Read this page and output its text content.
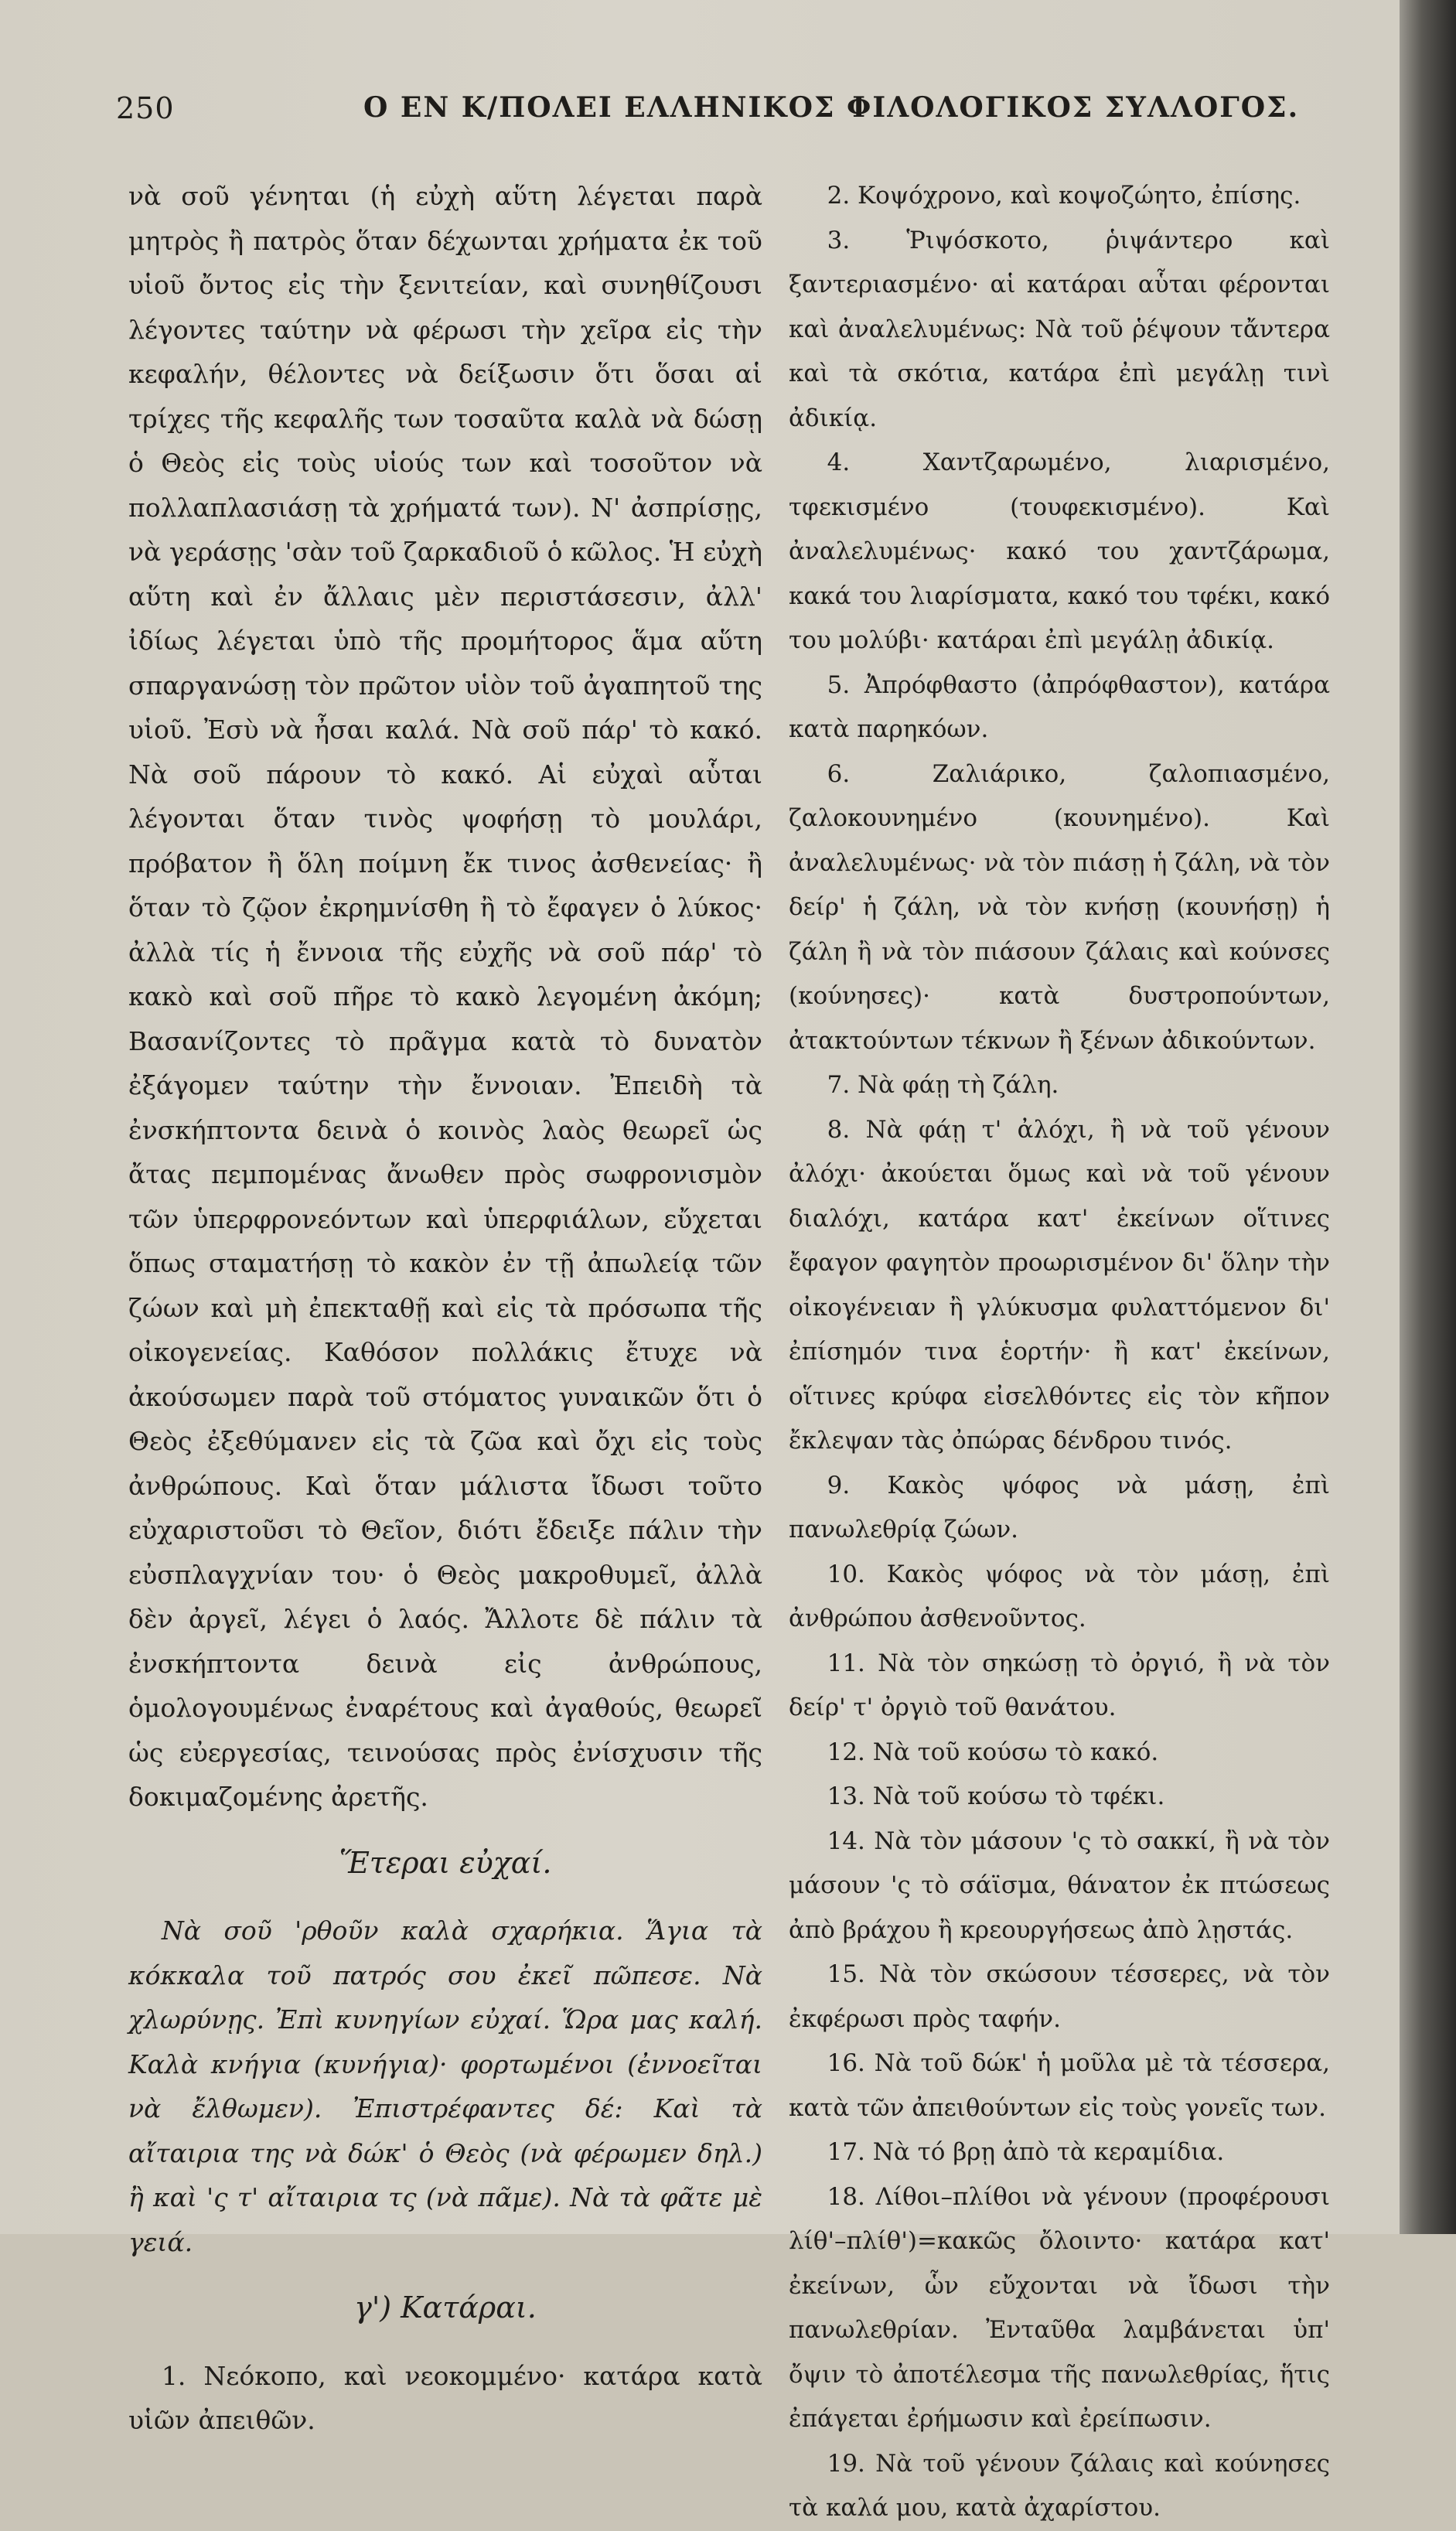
250	Ο ΕΝ Κ/ΠΟΛΕΙ ΕΛΛΗΝΙΚΟΣ ΦΙΛΟΛΟΓΙΚΟΣ ΣΥΛΛΟΓΟΣ.

νὰ σοῦ γένηται (ἡ εὐχὴ αὕτη λέγεται παρὰ μητρὸς ἢ πατρὸς ὅταν δέχωνται χρήματα ἐκ τοῦ υἱοῦ ὄντος εἰς τὴν ξενιτείαν, καὶ συνηθίζουσι λέγοντες ταύτην νὰ φέρωσι τὴν χεῖρα εἰς τὴν κεφαλήν, θέλοντες νὰ δείξωσιν ὅτι ὅσαι αἱ τρίχες τῆς κεφαλῆς των τοσαῦτα καλὰ νὰ δώσῃ ὁ Θεὸς εἰς τοὺς υἱούς των καὶ τοσοῦτον νὰ πολλαπλασιάσῃ τὰ χρήματά των). Ν' ἀσπρίσῃς, νὰ γεράσῃς 'σὰν τοῦ ζαρκαδιοῦ ὁ κῶλος. Ἡ εὐχὴ αὕτη καὶ ἐν ἄλλαις μὲν περιστάσεσιν, ἀλλ' ἰδίως λέγεται ὑπὸ τῆς προμήτορος ἅμα αὕτη σπαργανώσῃ τὸν πρῶτον υἱὸν τοῦ ἀγαπητοῦ της υἱοῦ. Ἐσὺ νὰ ἦσαι καλά. Νὰ σοῦ πάρ' τὸ κακό. Νὰ σοῦ πάρουν τὸ κακό. Αἱ εὐχαὶ αὗται λέγονται ὅταν τινὸς ψοφήσῃ τὸ μουλάρι, πρόβατον ἢ ὅλη ποίμνη ἔκ τινος ἀσθενείας· ἢ ὅταν τὸ ζῷον ἐκρημνίσθη ἢ τὸ ἔφαγεν ὁ λύκος· ἀλλὰ τίς ἡ ἔννοια τῆς εὐχῆς νὰ σοῦ πάρ' τὸ κακὸ καὶ σοῦ πῆρε τὸ κακὸ λεγομένη ἀκόμη; Βασανίζοντες τὸ πρᾶγμα κατὰ τὸ δυνατὸν ἐξάγομεν ταύτην τὴν ἔννοιαν. Ἐπειδὴ τὰ ἐνσκήπτοντα δεινὰ ὁ κοινὸς λαὸς θεωρεῖ ὡς ἄτας πεμπομένας ἄνωθεν πρὸς σωφρονισμὸν τῶν ὑπερφρονεόντων καὶ ὑπερφιάλων, εὔχεται ὅπως σταματήσῃ τὸ κακὸν ἐν τῇ ἀπωλείᾳ τῶν ζώων καὶ μὴ ἐπεκταθῇ καὶ εἰς τὰ πρόσωπα τῆς οἰκογενείας. Καθόσον πολλάκις ἔτυχε νὰ ἀκούσωμεν παρὰ τοῦ στόματος γυναικῶν ὅτι ὁ Θεὸς ἐξεθύμανεν εἰς τὰ ζῶα καὶ ὄχι εἰς τοὺς ἀνθρώπους. Καὶ ὅταν μάλιστα ἴδωσι τοῦτο εὐχαριστοῦσι τὸ Θεῖον, διότι ἔδειξε πάλιν τὴν εὐσπλαγχνίαν του· ὁ Θεὸς μακροθυμεῖ, ἀλλὰ δὲν ἀργεῖ, λέγει ὁ λαός. Ἄλλοτε δὲ πάλιν τὰ ἐνσκήπτοντα δεινὰ εἰς ἀνθρώπους, ὁμολογουμένως ἐναρέτους καὶ ἀγαθούς, θεωρεῖ ὡς εὐεργεσίας, τεινούσας πρὸς ἐνίσχυσιν τῆς δοκιμαζομένης ἀρετῆς.

Ἕτεραι εὐχαί.

Νὰ σοῦ 'ρθοῦν καλὰ σχαρήκια. Ἅγια τὰ κόκκαλα τοῦ πατρός σου ἐκεῖ πῶπεσε. Νὰ χλωρύνῃς. Ἐπὶ κυνηγίων εὐχαί. Ὥρα μας καλή. Καλὰ κνήγια (κυνήγια)· φορτωμένοι (ἐννοεῖται νὰ ἔλθωμεν). Ἐπιστρέφαντες δέ: Καὶ τὰ αἴταιρια της νὰ δώκ' ὁ Θεὸς (νὰ φέρωμεν δηλ.) ἢ καὶ 'ς τ' αἴταιρια τς (νὰ πᾶμε). Νὰ τὰ φᾶτε μὲ γειά.

γ') Κατάραι.

1. Νεόκοπο, καὶ νεοκομμένο· κατάρα κατὰ υἱῶν ἀπειθῶν.

2. Κοψόχρονο, καὶ κοψοζώητο, ἐπίσης.

3. Ῥιψόσκοτο, ῥιψάντερο καὶ ξαντεριασμένο· αἱ κατάραι αὗται φέρονται καὶ ἀναλελυμένως: Νὰ τοῦ ῥέψουν τἄντερα καὶ τὰ σκότια, κατάρα ἐπὶ μεγάλῃ τινὶ ἀδικίᾳ.

4. Χαντζαρωμένο, λιαρισμένο, τφεκισμένο (τουφεκισμένο). Καὶ ἀναλελυμένως· κακό του χαντζάρωμα, κακά του λιαρίσματα, κακό του τφέκι, κακό του μολύβι· κατάραι ἐπὶ μεγάλῃ ἀδικίᾳ.

5. Ἀπρόφθαστο (ἀπρόφθαστον), κατάρα κατὰ παρηκόων.

6. Ζαλιάρικο, ζαλοπιασμένο, ζαλοκουνημένο (κουνημένο). Καὶ ἀναλελυμένως· νὰ τὸν πιάσῃ ἡ ζάλη, νὰ τὸν δείρ' ἡ ζάλη, νὰ τὸν κνήσῃ (κουνήσῃ) ἡ ζάλη ἢ νὰ τὸν πιάσουν ζάλαις καὶ κούνσες (κούνησες)· κατὰ δυστροπούντων, ἀτακτούντων τέκνων ἢ ξένων ἀδικούντων.

7. Νὰ φάῃ τὴ ζάλη.

8. Νὰ φάῃ τ' ἀλόχι, ἢ νὰ τοῦ γένουν ἀλόχι· ἀκούεται ὅμως καὶ νὰ τοῦ γένουν διαλόχι, κατάρα κατ' ἐκείνων οἵτινες ἔφαγον φαγητὸν προωρισμένον δι' ὅλην τὴν οἰκογένειαν ἢ γλύκυσμα φυλαττόμενον δι' ἐπίσημόν τινα ἑορτήν· ἢ κατ' ἐκείνων, οἵτινες κρύφα εἰσελθόντες εἰς τὸν κῆπον ἔκλεψαν τὰς ὀπώρας δένδρου τινός.

9. Κακὸς ψόφος νὰ μάσῃ, ἐπὶ πανωλεθρίᾳ ζώων.

10. Κακὸς ψόφος νὰ τὸν μάσῃ, ἐπὶ ἀνθρώπου ἀσθενοῦντος.

11. Νὰ τὸν σηκώσῃ τὸ ὀργιό, ἢ νὰ τὸν δείρ' τ' ὀργιὸ τοῦ θανάτου.

12. Νὰ τοῦ κούσω τὸ κακό.

13. Νὰ τοῦ κούσω τὸ τφέκι.

14. Νὰ τὸν μάσουν 'ς τὸ σακκί, ἢ νὰ τὸν μάσουν 'ς τὸ σάϊσμα, θάνατον ἐκ πτώσεως ἀπὸ βράχου ἢ κρεουργήσεως ἀπὸ λῃστάς.

15. Νὰ τὸν σκώσουν τέσσερες, νὰ τὸν ἐκφέρωσι πρὸς ταφήν.

16. Νὰ τοῦ δώκ' ἡ μοῦλα μὲ τὰ τέσσερα, κατὰ τῶν ἀπειθούντων εἰς τοὺς γονεῖς των.

17. Νὰ τό βρῃ ἀπὸ τὰ κεραμίδια.

18. Λίθοι–πλίθοι νὰ γένουν (προφέρουσι λίθ'–πλίθ')=κακῶς ὄλοιντο· κατάρα κατ' ἐκείνων, ὧν εὔχονται νὰ ἴδωσι τὴν πανωλεθρίαν. Ἐνταῦθα λαμβάνεται ὑπ' ὄψιν τὸ ἀποτέλεσμα τῆς πανωλεθρίας, ἥτις ἐπάγεται ἐρήμωσιν καὶ ἐρείπωσιν.

19. Νὰ τοῦ γένουν ζάλαις καὶ κούνησες τὰ καλά μου, κατὰ ἀχαρίστου.
